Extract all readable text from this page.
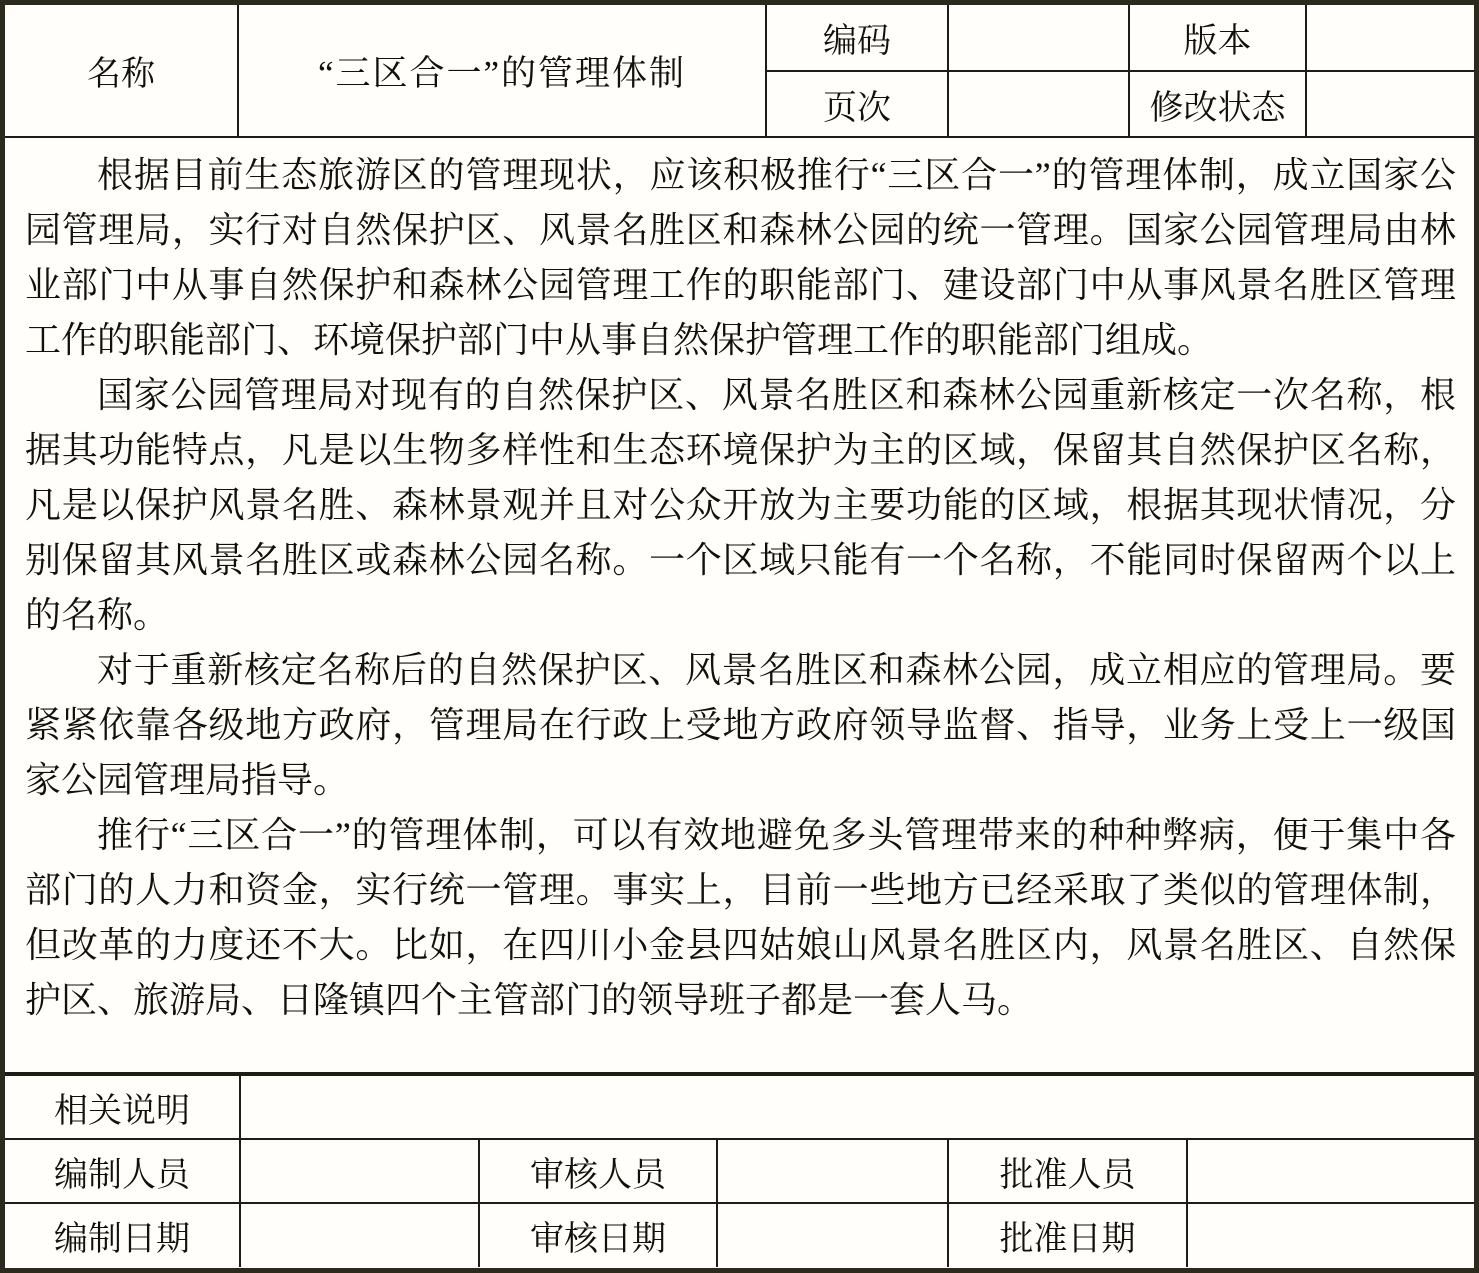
名称	“三区合一”的管理体制	编码		版本	
		页次		修改状态	

根据目前生态旅游区的管理现状，应该积极推行“三区合一”的管理体制，成立国家公园管理局，实行对自然保护区、风景名胜区和森林公园的统一管理。国家公园管理局由林业部门中从事自然保护和森林公园管理工作的职能部门、建设部门中从事风景名胜区管理工作的职能部门、环境保护部门中从事自然保护管理工作的职能部门组成。

国家公园管理局对现有的自然保护区、风景名胜区和森林公园重新核定一次名称，根据其功能特点，凡是以生物多样性和生态环境保护为主的区域，保留其自然保护区名称，凡是以保护风景名胜、森林景观并且对公众开放为主要功能的区域，根据其现状情况，分别保留其风景名胜区或森林公园名称。一个区域只能有一个名称，不能同时保留两个以上的名称。

对于重新核定名称后的自然保护区、风景名胜区和森林公园，成立相应的管理局。要紧紧依靠各级地方政府，管理局在行政上受地方政府领导监督、指导，业务上受上一级国家公园管理局指导。

推行“三区合一”的管理体制，可以有效地避免多头管理带来的种种弊病，便于集中各部门的人力和资金，实行统一管理。事实上，目前一些地方已经采取了类似的管理体制，但改革的力度还不大。比如，在四川小金县四姑娘山风景名胜区内，风景名胜区、自然保护区、旅游局、日隆镇四个主管部门的领导班子都是一套人马。

相关说明					
编制人员		审核人员		批准人员	
编制日期		审核日期		批准日期	
